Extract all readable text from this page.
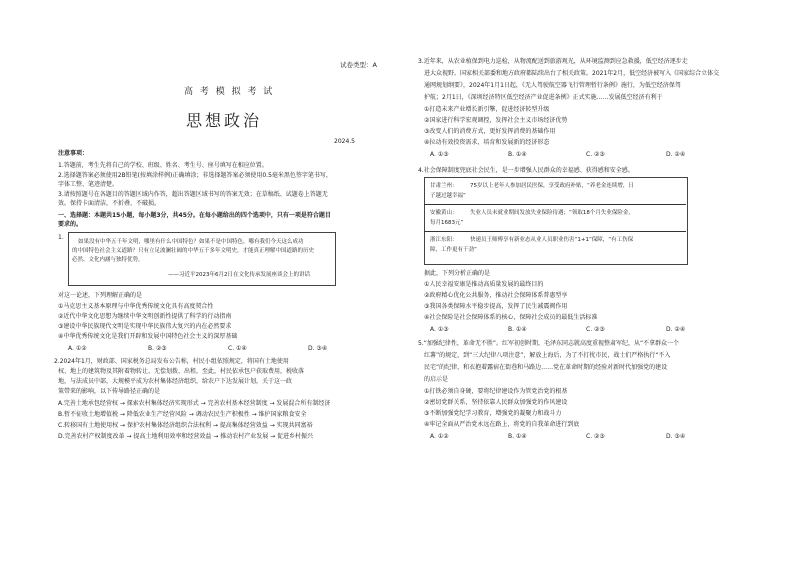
试卷类型：A
高 考 模 拟 考 试
思想政治
2024.5
注意事项：
1.答题前，考生先将自己的学校、班级、姓名、考生号、座号填写在相应位置。
2.选择题答案必须使用2B铅笔(按填涂样例)正确填涂；非选择题答案必须使用0.5毫米黑色签字笔书写，
字体工整、笔迹清楚。
3.请按照题号在各题目的答题区域内作答，超出答题区域书写的答案无效；在草稿纸、试题卷上答题无
效。保持卡面清洁，不折叠、不破损。
一、选择题：本题共15小题，每小题3分，共45分。在每小题给出的四个选项中，只有一项是符合题目
要求的。
1.
如果没有中华五千年文明，哪里有什么中国特色？如果不是中国特色，哪有我们今天这么成功
的中国特色社会主义道路？只有立足波澜壮阔的中华五千多年文明史，才能真正理解中国道路的历史
必然、文化内涵与独特优势。
——习近平2023年6月2日在文化传承发展座谈会上的讲话
对这一论述，下列理解正确的是
①马克思主义基本原理与中华优秀传统文化具有高度契合性
②近代中华文化思想为继续中华文明创新性提供了科学的行动指南
③建设中华民族现代文明是实现中华民族伟大复兴的内在必然要求
④中华优秀传统文化是我们开辟和发展中国特色社会主义的深厚基础
A. ①②	B. ②③	C. ①④	D. ③④
2.2024年1月，财政部、国家税务总局发布公告称，村民小组依照规定，将国有土地使用
权、地上的建筑物及其附着物转让、无偿划拨、出租，至此，村民依承包户获取费用，税收落
地，与法成员中部，大规模平成为农村集体经济组织，给农户下达发展计划，关于这一政
策带来的影响，以下传导路径正确的是
A.完善土地承包经营权 → 探索农村集体经济实现形式 → 完善农村基本经营制度 → 发展混合所有制经济
B.暂不征收土地增值税 → 降低农业生产经营风险 → 调动农民生产积极性 → 维护国家粮食安全
C.转移国有土地使用权 → 保护农村集体经济组织合法权利 → 提高集体经营效益 → 实现共同富裕
D.完善农村产权制度改革 → 提高土地利用效率和经营效益 → 推动农村产业发展 → 促进乡村振兴
3.近年来，从农业植保到电力巡检，从物流配送到旅游观光，从环境监测到应急救援，低空经济逐步走
进大众视野。国家相关部委和地方政府都陆续出台了相关政策。2021年2月，低空经济被写入《国家综合立体交
通网规划纲要》，2024年1月1日起，《无人驾驶航空器飞行管理暂行条例》施行，为低空经济保驾
护航；2月1日，《深圳经济特区低空经济产业促进条例》正式实施……发展低空经济有利于
①打造未来产业增长新引擎，促进经济转型升级
②国家进行科学宏观调控，发挥社会主义市场经济优势
③改变人们的消费方式，更好发挥消费的基础作用
④拉动有效投资需求，培育和发展新的经济形态
A. ①③	B. ①④	C. ②③	D. ②④
4.社会保障制度兜底社会民生，是一步增强人民群众的幸福感、获得感和安全感。
甘肃兰州： 75岁以上老年人参加居民医保，享受政府补贴，“养老金连续增，日
子越过越幸福”
安徽黄山： 失业人员未就业期间发放失业保险待遇；“领取18个月失业保险金，
每月1683元”
浙江东阳： 快递员王师傅享有新业态从业人员职业伤害“1+1”保障，“有工伤保
障，工作更有干劲”
据此，下列分析正确的是
①人民幸福安康是推动高质量发展的最终目的
②政府精心优化公共服务，推动社会保障体系普惠型享
③我国各类保障水平稳步提高，发挥了民生减震阀作用
④社会保险是社会保障体系的核心，保障社会成员的最低生活标准
A. ①③	B. ①④	C. ②③	D. ②④
5.“加强纪律性，革命无不胜”。红军初创时期，毛泽东同志就高度重视整肃军纪，从“不拿群众一个
红薯”的规定，到“三大纪律八项注意”，解放上海后，为了不打扰市民，战士们严格执行“不入
民宅”的纪律，和衣抱着露宿在街巷和马路边……党在革命时期的经验对新时代加强党的建设
的启示是
①打铁必须自身硬，要将纪律建设作为管党治党的根基
②密切党群关系，坚持依靠人民群众加强党的作风建设
③不断加强党纪学习教育，增强党的凝聚力和战斗力
④牢记全面从严治党永远在路上，将党的自我革命进行到底
A. ①②	B. ①④	C. ②③	D. ③④
